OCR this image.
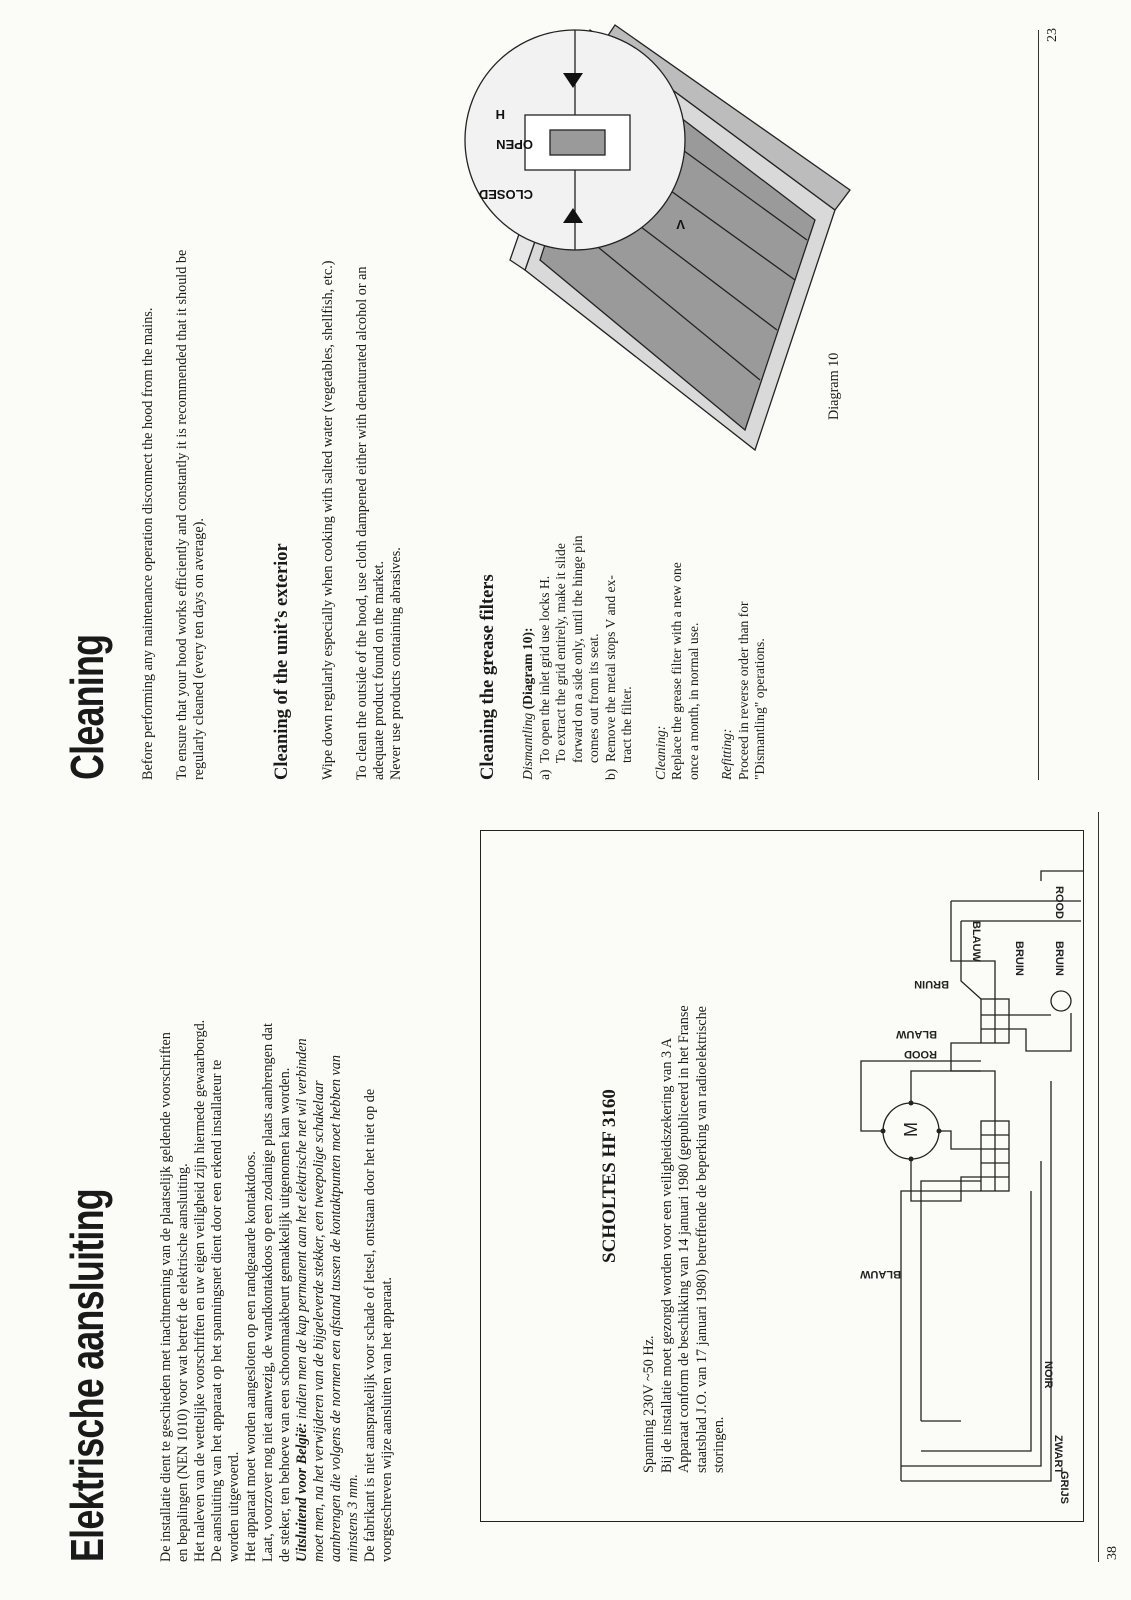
Elektrische aansluiting	De installatie dient te geschieden met inachtneming van de plaatselijk geldende voorschriften en bepalingen (NEN 1010) voor wat betreft de elektrische aansluiting. Het naleven van de wettelijke voorschriften en uw eigen veiligheid zijn hiermede gewaarborgd. De aansluiting van het apparaat op het spanningsnet dient door een erkend installateur te worden uitgevoerd. Het apparaat moet worden aangesloten op een randgeaarde kontaktdoos. Laat, voorzover nog niet aanwezig, de wandkontakdoos op een zodanige plaats aanbrengen dat de steker, ten behoeve van een schoonmaakbeurt gemakkelijk uitgenomen kan worden. Uitsluitend voor België: indien men de kap permanent aan het elektrische net wil verbinden moet men, na het verwijderen van de bijgeleverde stekker, een tweepolige schakelaar aanbrengen die volgens de normen een afstand tussen de kontaktpunten moet hebben van minstens 3 mm. De fabrikant is niet aansprakelijk voor schade of letsel, ontstaan door het niet op de voorgeschreven wijze aansluiten van het apparaat.

SCHOLTES HF 3160

Spanning 230V ~50 Hz. Bij de installatie moet gezorgd worden voor een veiligheidszekering van 3 A Apparaat conform de beschikking van 14 januari 1980 (gepubliceerd in het Franse staatsblad J.O. van 17 januari 1980) betreffende de beperking van radioelektrische storingen.

M
GRIJS
ZWART
NOIR
BLAUW
ROOD
BLAUW
BRUIN
BLAUW	BRUIN
ROOD
BRUIN
38
Cleaning Before performing any maintenance operation disconnect the hood from the mains. To ensure that your hood works efficiently and constantly it is recommended that it should be regularly cleaned (every ten days on average).	Cleaning of the unit’s exterior Wipe down regularly especially when cooking with salted water (vegetables, shellfish, etc.) To clean the outside of the hood, use cloth dampened either with denaturated alcohol or an adequate product found on the market. Never use products containing abrasives.	Cleaning the grease filters Dismantling (Diagram 10): a)  To open the inlet grid use locks H. To extract the grid entirely, make it slide forward on a side only, until the hinge pin comes out from its seat. b)  Remove the metal stops V and ex- tract the filter. Cleaning: Replace the grease filter with a new one once a month, in normal use. Refitting: Proceed in reverse order than for "Dismantling" operations.

OPEN
CLOSED
H
V
Diagram 10
23
